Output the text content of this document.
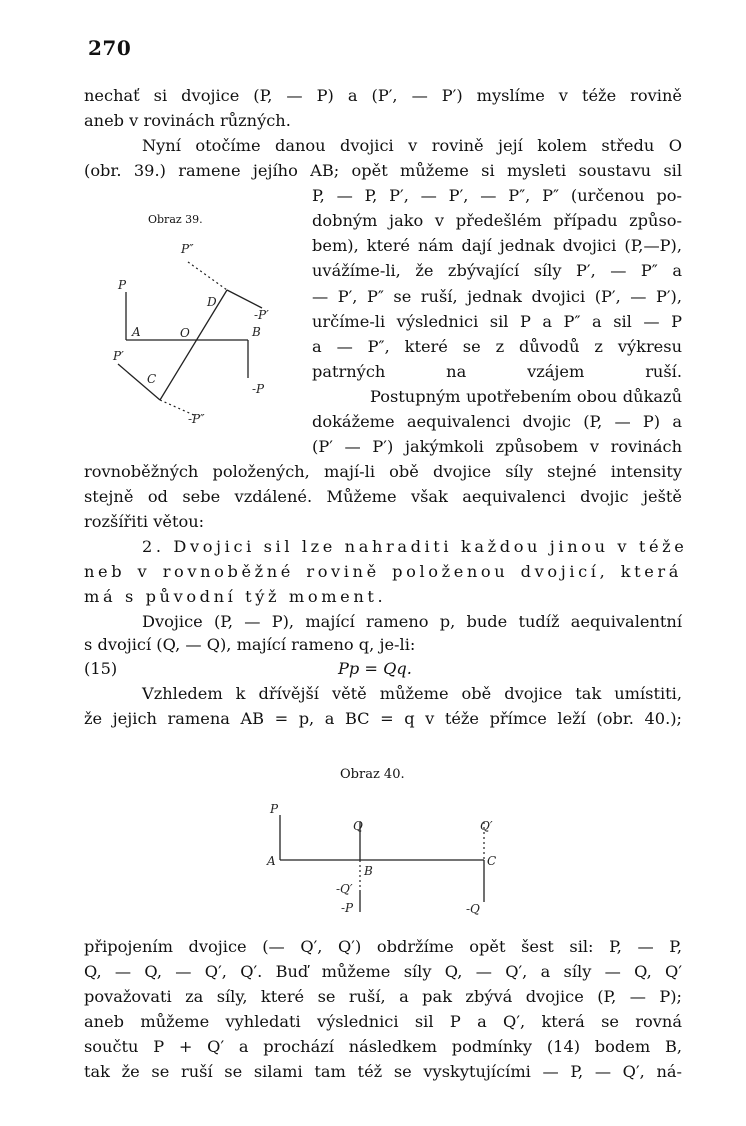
270
nechať si dvojice (P, — P) a (P′, — P′) myslíme v téže rovině
aneb v rovinách různých.
Nyní otočíme danou dvojici v rovině její kolem středu O
(obr. 39.) ramene jejího AB; opět můžeme si mysleti soustavu sil
P, — P, P′, — P′, — P″, P″ (určenou po-
dobným jako v předešlém případu způso-
bem), které nám dají jednak dvojici (P,—P),
uvážíme-li, že zbývající síly P′, — P″ a
— P′, P″ se ruší, jednak dvojici (P′, — P′),
určíme-li výslednici sil P a P″ a sil — P
a — P″, které se z důvodů z výkresu
patrných na vzájem ruší.
Postupným upotřebením obou důkazů
dokážeme aequivalenci dvojic (P, — P) a
(P′ — P′) jakýmkoli způsobem v rovinách
rovnoběžných položených, mají-li obě dvojice síly stejné intensity
stejně od sebe vzdálené. Můžeme však aequivalenci dvojic ještě
rozšířiti větou:
2. Dvojici sil lze nahraditi každou jinou v téže
neb v rovnoběžné rovině položenou dvojicí, která
má s původní týž moment.
Dvojice (P, — P), mající rameno p, bude tudíž aequivalentní
s dvojicí (Q, — Q), mající rameno q, je-li:
(15)	Pp = Qq.
Vzhledem k dřívější větě můžeme obě dvojice tak umístiti,
že jejich ramena AB = p, a BC = q v téže přímce leží (obr. 40.);
připojením dvojice (— Q′, Q′) obdržíme opět šest sil: P, — P,
Q, — Q, — Q′, Q′. Buď můžeme síly Q, — Q′, a síly — Q, Q′
považovati za síly, které se ruší, a pak zbývá dvojice (P, — P);
aneb můžeme vyhledati výslednici sil P a Q′, která se rovná
součtu P + Q′ a prochází následkem podmínky (14) bodem B,
tak že se ruší se silami tam též se vyskytujícími — P, — Q′, ná-
Obraz 39.
P″
P
D
-P′
A	O	B
P′
C
-P
-P″
Obraz 40.
P
Q	Q′
A	C
B
-Q′
-P	-Q
